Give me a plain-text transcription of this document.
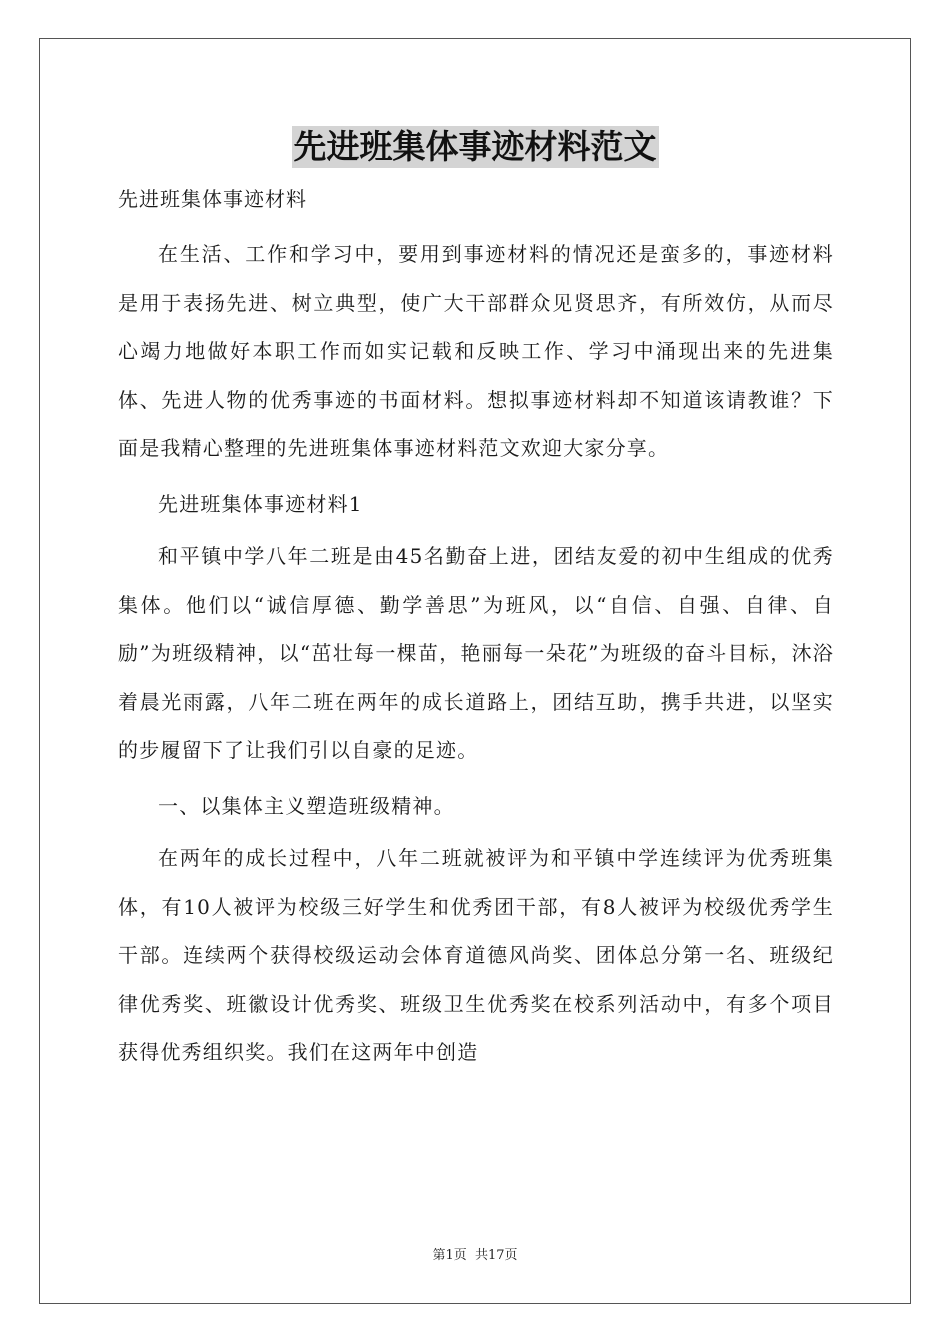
先进班集体事迹材料范文
先进班集体事迹材料

在生活、工作和学习中，要用到事迹材料的情况还是蛮多的，事迹材料是用于表扬先进、树立典型，使广大干部群众见贤思齐，有所效仿，从而尽心竭力地做好本职工作而如实记载和反映工作、学习中涌现出来的先进集体、先进人物的优秀事迹的书面材料。想拟事迹材料却不知道该请教谁？下面是我精心整理的先进班集体事迹材料范文欢迎大家分享。

先进班集体事迹材料1

和平镇中学八年二班是由45名勤奋上进，团结友爱的初中生组成的优秀集体。他们以“诚信厚德、勤学善思”为班风，以“自信、自强、自律、自励”为班级精神，以“茁壮每一棵苗，艳丽每一朵花”为班级的奋斗目标，沐浴着晨光雨露，八年二班在两年的成长道路上，团结互助，携手共进，以坚实的步履留下了让我们引以自豪的足迹。

一、以集体主义塑造班级精神。

在两年的成长过程中，八年二班就被评为和平镇中学连续评为优秀班集体，有10人被评为校级三好学生和优秀团干部，有8人被评为校级优秀学生干部。连续两个获得校级运动会体育道德风尚奖、团体总分第一名、班级纪律优秀奖、班徽设计优秀奖、班级卫生优秀奖在校系列活动中，有多个项目获得优秀组织奖。我们在这两年中创造

第1页 共17页
